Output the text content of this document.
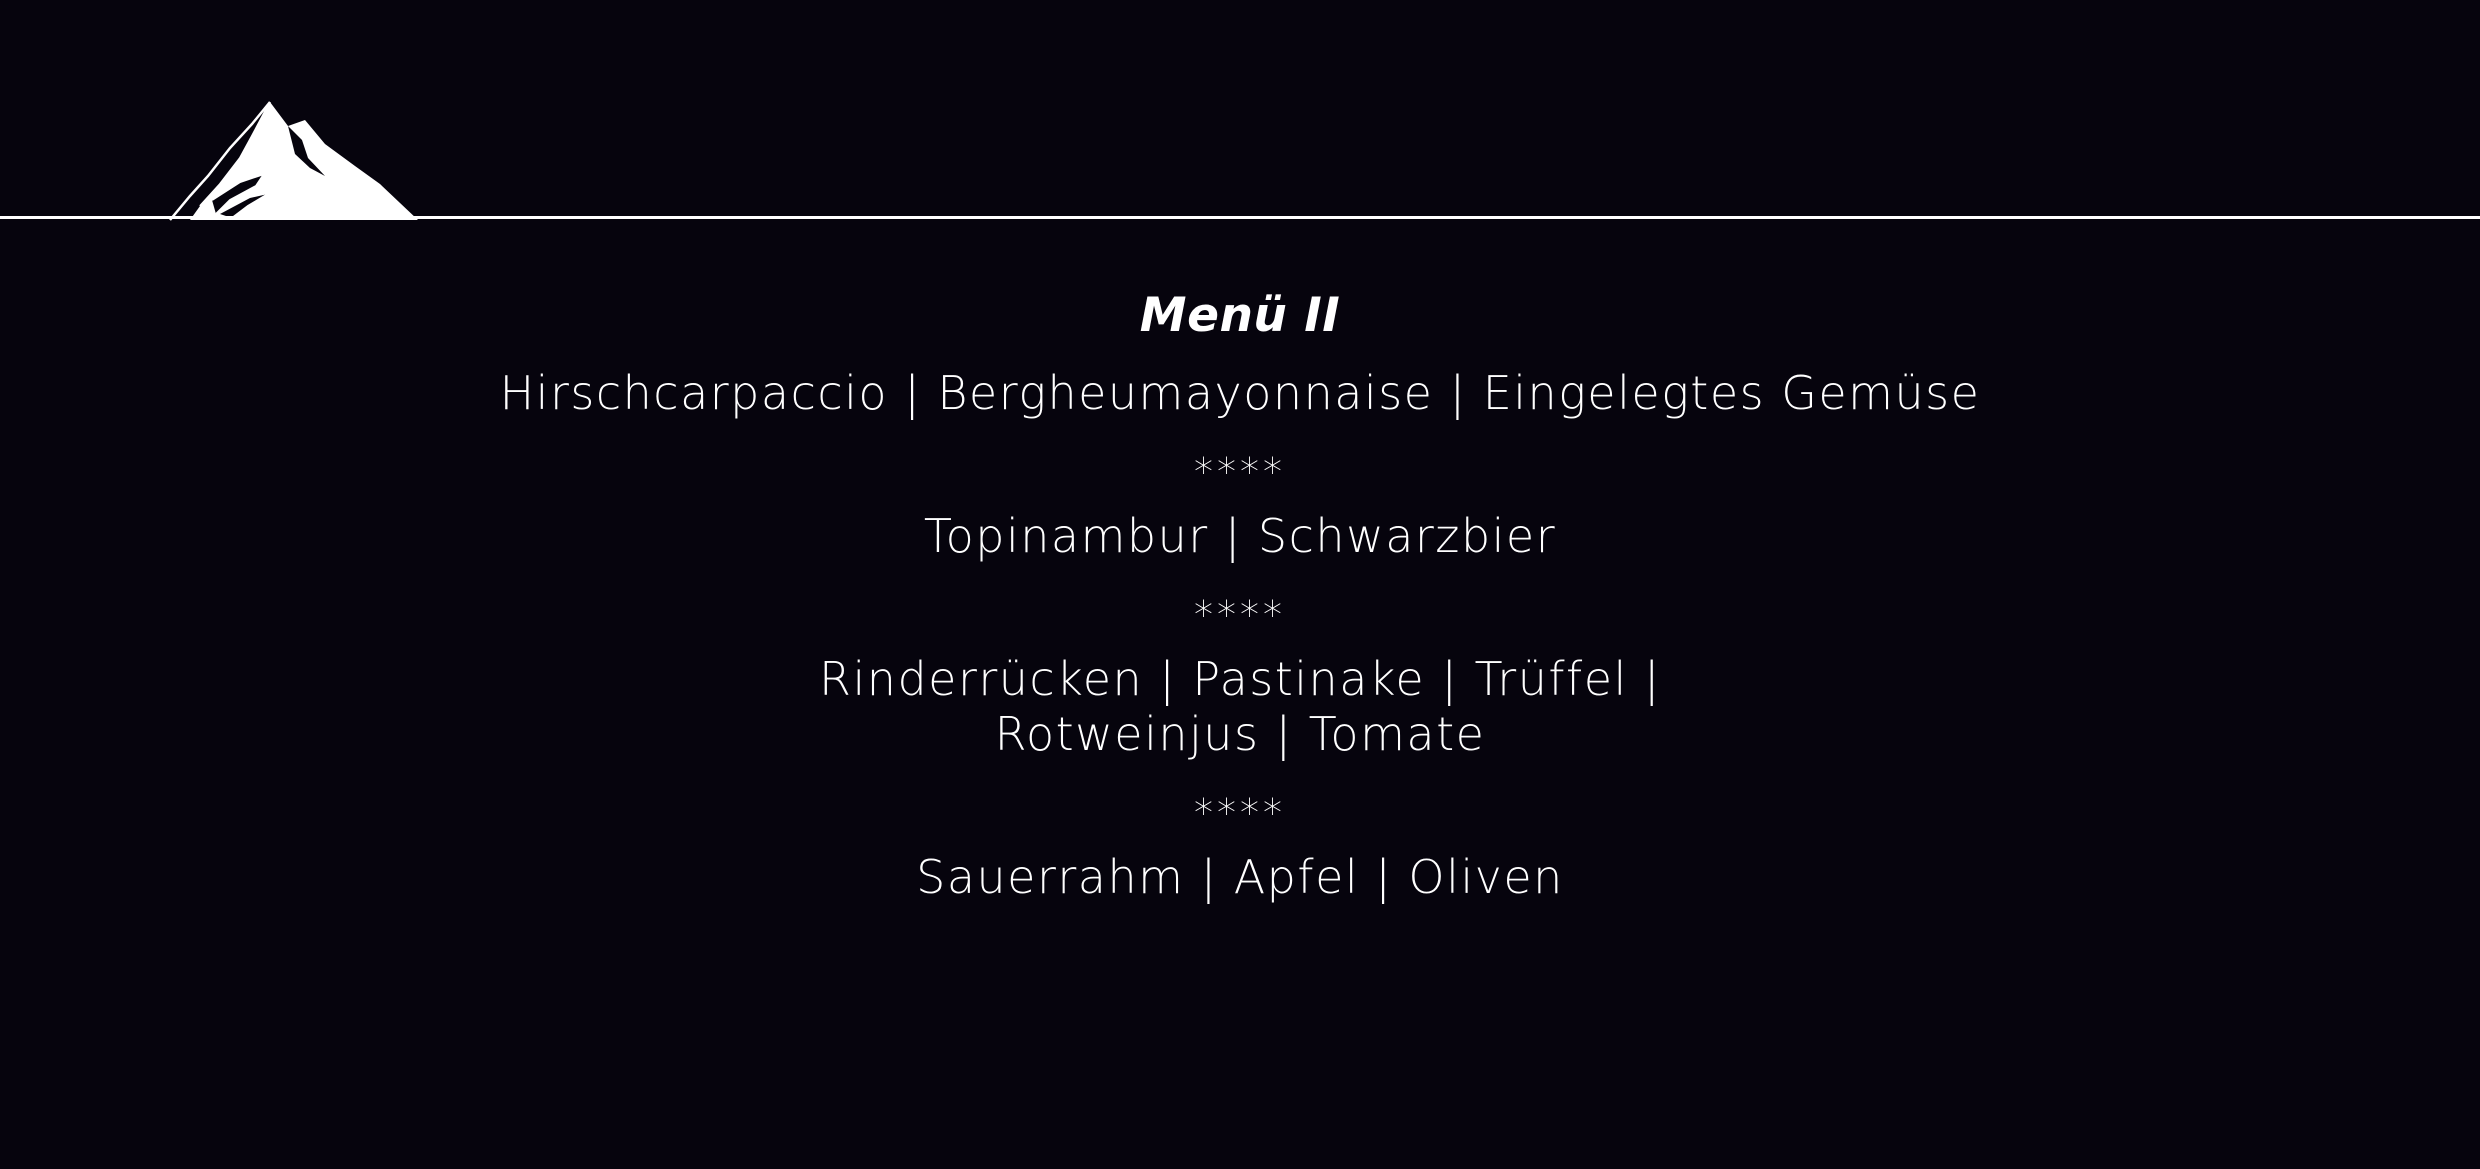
Menü II

Hirschcarpaccio | Bergheumayonnaise | Eingelegtes Gemüse

****

Topinambur | Schwarzbier

****

Rinderrücken | Pastinake | Trüffel |

Rotweinjus | Tomate

****

Sauerrahm | Apfel | Oliven
